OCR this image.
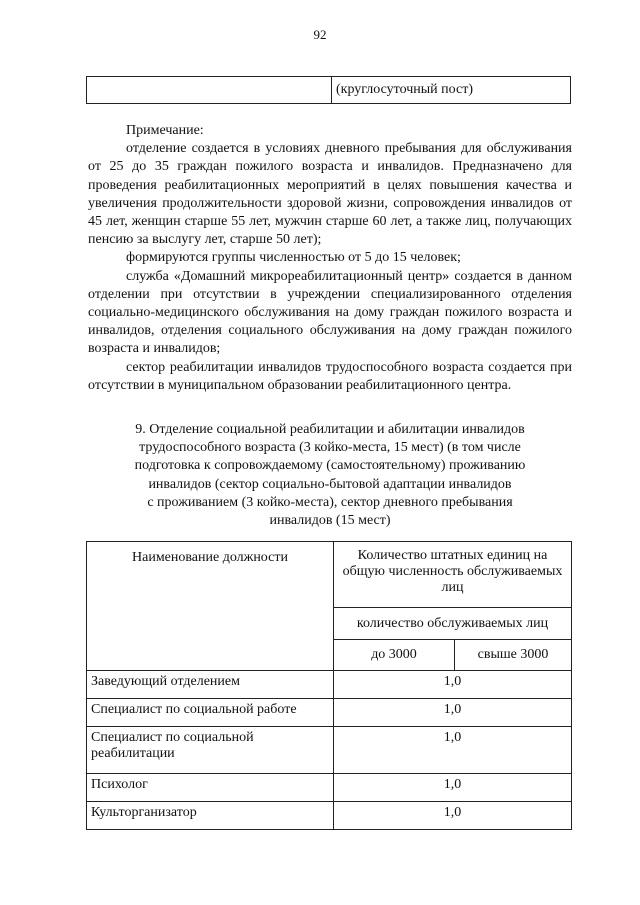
92
	(круглосуточный пост)

Примечание:

отделение создается в условиях дневного пребывания для обслуживания от 25 до 35 граждан пожилого возраста и инвалидов. Предназначено для проведения реабилитационных мероприятий в целях повышения качества и увеличения продолжительности здоровой жизни, сопровождения инвалидов от 45 лет, женщин старше 55 лет, мужчин старше 60 лет, а также лиц, получающих пенсию за выслугу лет, старше 50 лет);

формируются группы численностью от 5 до 15 человек;

служба «Домашний микрореабилитационный центр» создается в данном отделении при отсутствии в учреждении специализированного отделения социально-медицинского обслуживания на дому граждан пожилого возраста и инвалидов, отделения социального обслуживания на дому граждан пожилого возраста и инвалидов;

сектор реабилитации инвалидов трудоспособного возраста создается при отсутствии в муниципальном образовании реабилитационного центра.

9. Отделение социальной реабилитации и абилитации инвалидов
трудоспособного возраста (3 койко-места, 15 мест) (в том числе
подготовка к сопровождаемому (самостоятельному) проживанию
инвалидов (сектор социально-бытовой адаптации инвалидов
с проживанием (3 койко-места), сектор дневного пребывания
инвалидов (15 мест)
Наименование должности	Количество штатных единиц на общую численность обслуживаемых лиц	
	количество обслуживаемых лиц	
	до 3000	свыше 3000
Заведующий отделением	1,0	
Специалист по социальной работе	1,0	
Специалист по социальной реабилитации	1,0	
Психолог	1,0	
Культорганизатор	1,0	
